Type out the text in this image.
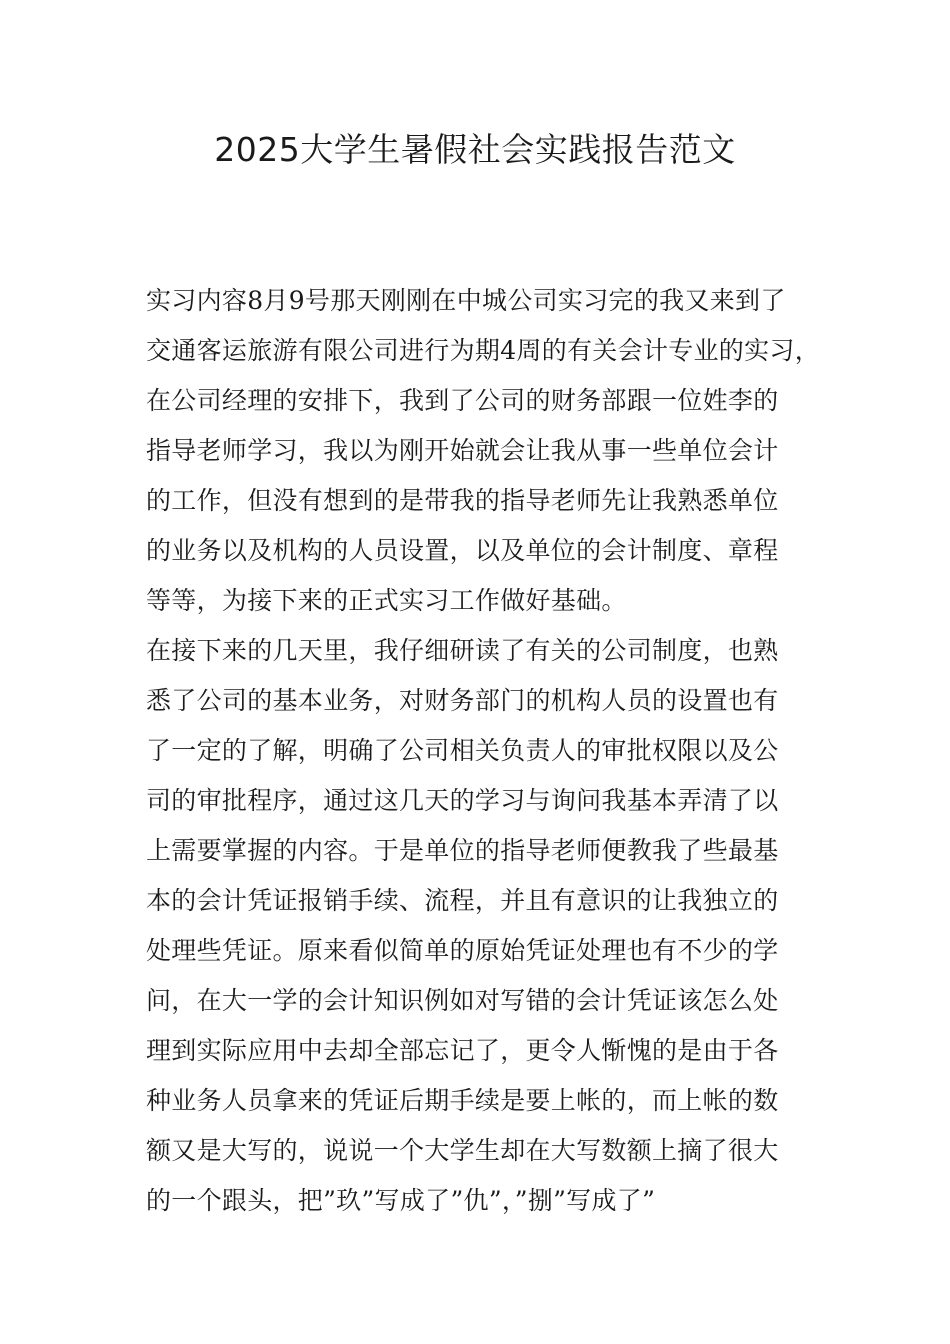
2025大学生暑假社会实践报告范文
实习内容8月9号那天刚刚在中城公司实习完的我又来到了
交通客运旅游有限公司进行为期4周的有关会计专业的实习，
在公司经理的安排下，我到了公司的财务部跟一位姓李的
指导老师学习，我以为刚开始就会让我从事一些单位会计
的工作，但没有想到的是带我的指导老师先让我熟悉单位
的业务以及机构的人员设置，以及单位的会计制度、章程
等等，为接下来的正式实习工作做好基础。
在接下来的几天里，我仔细研读了有关的公司制度，也熟
悉了公司的基本业务，对财务部门的机构人员的设置也有
了一定的了解，明确了公司相关负责人的审批权限以及公
司的审批程序，通过这几天的学习与询问我基本弄清了以
上需要掌握的内容。于是单位的指导老师便教我了些最基
本的会计凭证报销手续、流程，并且有意识的让我独立的
处理些凭证。原来看似简单的原始凭证处理也有不少的学
问，在大一学的会计知识例如对写错的会计凭证该怎么处
理到实际应用中去却全部忘记了，更令人惭愧的是由于各
种业务人员拿来的凭证后期手续是要上帐的，而上帐的数
额又是大写的，说说一个大学生却在大写数额上摘了很大
的一个跟头，把”玖”写成了”仇”，”捌”写成了”
